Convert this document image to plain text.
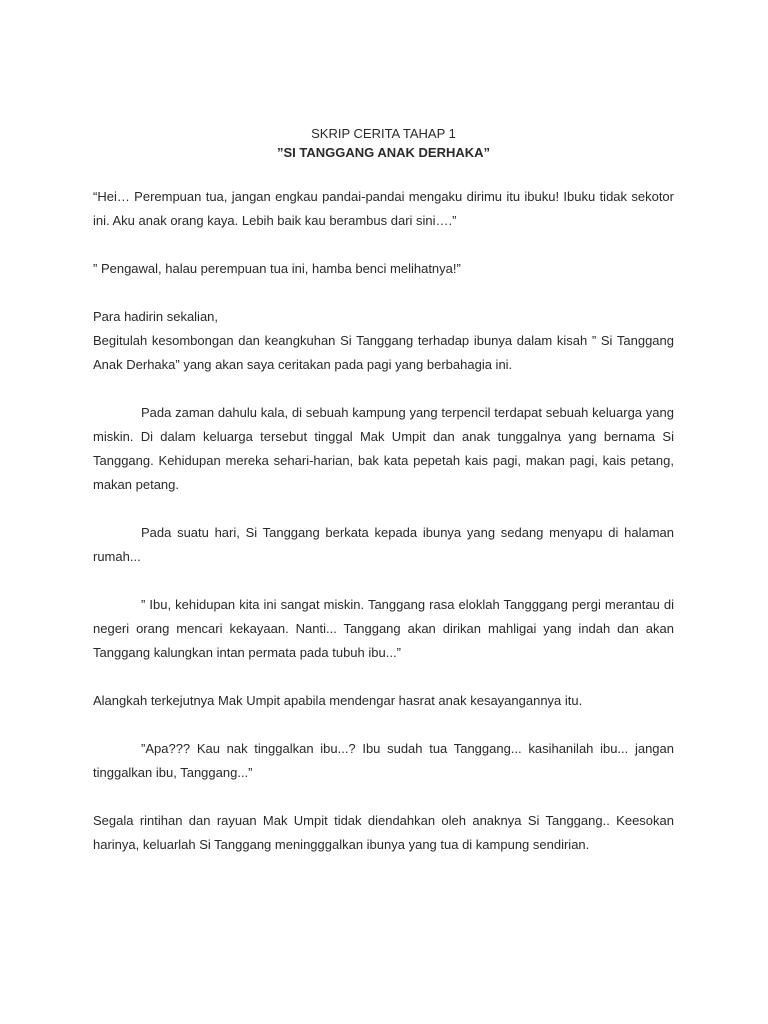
SKRIP CERITA TAHAP 1
”SI TANGGANG ANAK DERHAKA”

“Hei… Perempuan tua, jangan engkau pandai-pandai mengaku dirimu itu ibuku! Ibuku tidak sekotor ini. Aku anak orang kaya. Lebih baik kau berambus dari sini….”

” Pengawal, halau perempuan tua ini, hamba benci melihatnya!”

Para hadirin sekalian,

Begitulah kesombongan dan keangkuhan Si Tanggang terhadap ibunya dalam kisah ” Si Tanggang Anak Derhaka” yang akan saya ceritakan pada pagi yang berbahagia ini.

Pada zaman dahulu kala, di sebuah kampung yang terpencil terdapat sebuah keluarga yang miskin. Di dalam keluarga tersebut tinggal Mak Umpit dan anak tunggalnya yang bernama Si Tanggang. Kehidupan mereka sehari-harian, bak kata pepetah kais pagi, makan pagi, kais petang, makan petang.

Pada suatu hari, Si Tanggang berkata kepada ibunya yang sedang menyapu di halaman rumah...

” Ibu, kehidupan kita ini sangat miskin. Tanggang rasa eloklah Tangggang pergi merantau di negeri orang mencari kekayaan. Nanti... Tanggang akan dirikan mahligai yang indah dan akan Tanggang kalungkan intan permata pada tubuh ibu...”

Alangkah terkejutnya Mak Umpit apabila mendengar hasrat anak kesayangannya itu.

”Apa??? Kau nak tinggalkan ibu...? Ibu sudah tua Tanggang... kasihanilah ibu... jangan tinggalkan ibu, Tanggang...”

Segala rintihan dan rayuan Mak Umpit tidak diendahkan oleh anaknya Si Tanggang.. Keesokan harinya, keluarlah Si Tanggang meningggalkan ibunya yang tua di kampung sendirian.
